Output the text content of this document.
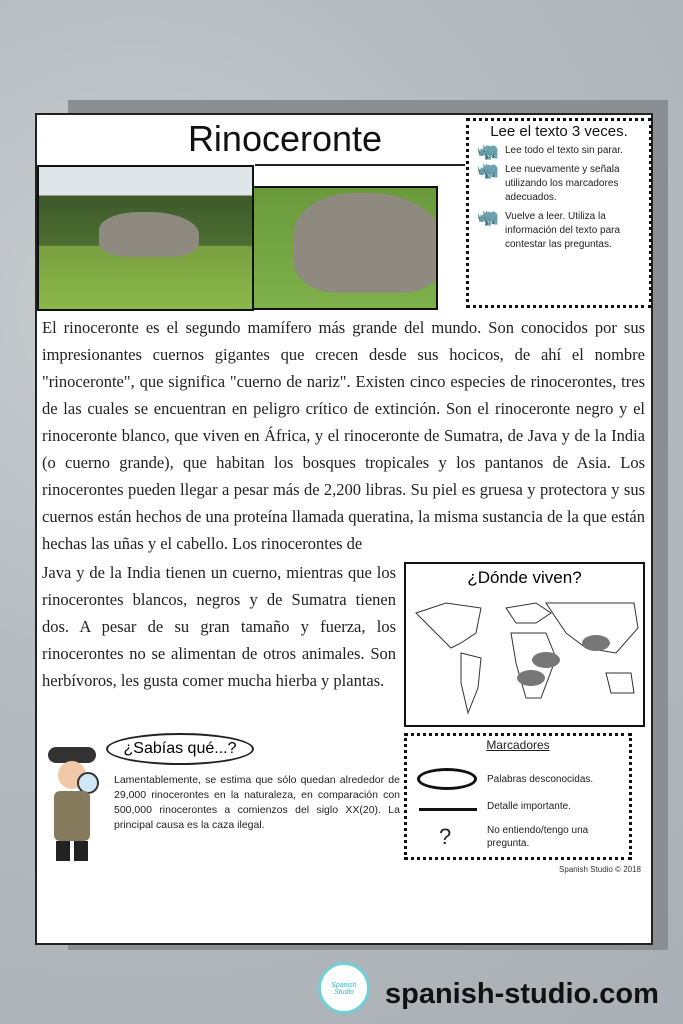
Rinoceronte	Lee el texto 3 veces.
🦏 Lee todo el texto sin parar.
🦏 Lee nuevamente y señala utilizando los marcadores adecuados.
🦏 Vuelve a leer. Utiliza la información del texto para contestar las preguntas.

El rinoceronte es el segundo mamífero más grande del mundo. Son conocidos por sus impresionantes cuernos gigantes que crecen desde sus hocicos, de ahí el nombre "rinoceronte", que significa "cuerno de nariz". Existen cinco especies de rinocerontes, tres de las cuales se encuentran en peligro crítico de extinción. Son el rinoceronte negro y el rinoceronte blanco, que viven en África, y el rinoceronte de Sumatra, de Java y de la India (o cuerno grande), que habitan los bosques tropicales y los pantanos de Asia. Los rinocerontes pueden llegar a pesar más de 2,200 libras. Su piel es gruesa y protectora y sus cuernos están hechos de una proteína llamada queratina, la misma sustancia de la que están hechas las uñas y el cabello. Los rinocerontes de

Java y de la India tienen un cuerno, mientras que los rinocerontes blancos, negros y de Sumatra tienen dos. A pesar de su gran tamaño y fuerza, los rinocerontes no se alimentan de otros animales. Son herbívoros, les gusta comer mucha hierba y plantas.

¿Dónde viven?
¿Sabías qué...?

Lamentablemente, se estima que sólo quedan alrededor de 29,000 rinocerontes en la naturaleza, en comparación con 500,000 rinocerontes a comienzos del siglo XX(20). La principal causa es la caza ilegal.

Marcadores
Palabras desconocidas.
Detalle importante.
?	No entiendo/tengo una pregunta.
Spanish Studio © 2018
Spanish Studio	spanish-studio.com
